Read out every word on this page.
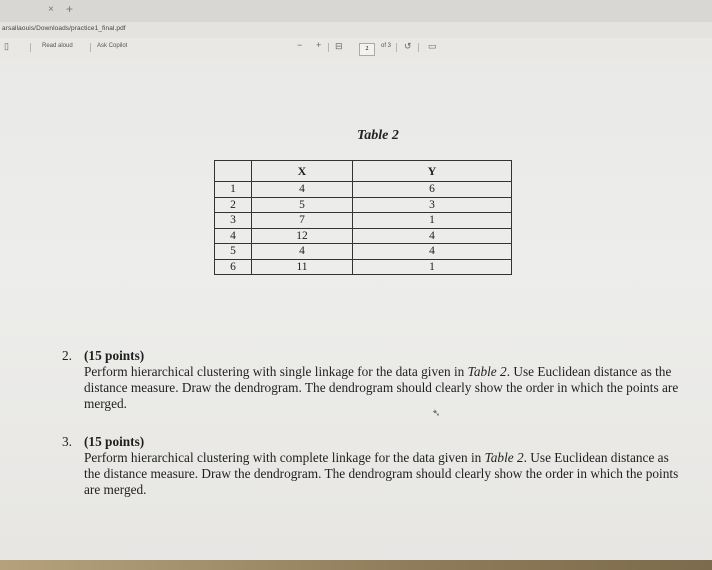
× +
arsallaouis/Downloads/practice1_final.pdf
▯	Read aloud	Ask Copilot	− + ⊟	of 3 ↺ ▭
2
Table 2
	X	Y
1	4	6
2	5	3
3	7	1
4	12	4
5	4	4
6	11	1
2. (15 points)
Perform hierarchical clustering with single linkage for the data given in Table 2. Use Euclidean distance as the distance measure. Draw the dendrogram. The dendrogram should clearly show the order in which the points are merged.
➴
3. (15 points)
Perform hierarchical clustering with complete linkage for the data given in Table 2. Use Euclidean distance as the distance measure. Draw the dendrogram. The dendrogram should clearly show the order in which the points are merged.
